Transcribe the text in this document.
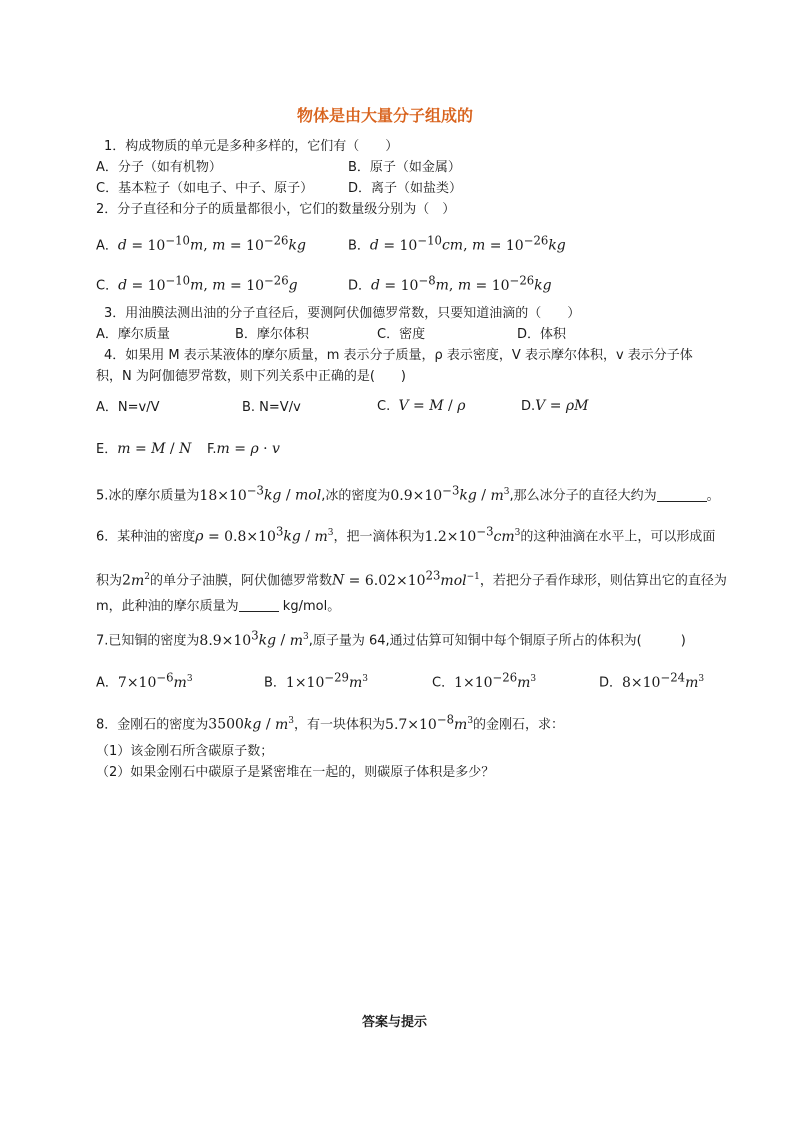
物体是由大量分子组成的
1．构成物质的单元是多种多样的，它们有（　　）
A．分子（如有机物）	B．原子（如金属）
C．基本粒子（如电子、中子、原子）	D．离子（如盐类）
2．分子直径和分子的质量都很小，它们的数量级分别为（　）
A．$d = 10^{-10}m$, $m = 10^{-26}kg$	B．$d = 10^{-10}cm$, $m = 10^{-26}kg$
C．$d = 10^{-10}m$, $m = 10^{-26}g$	D．$d = 10^{-8}m$, $m = 10^{-26}kg$
3．用油膜法测出油的分子直径后，要测阿伏伽德罗常数，只要知道油滴的（　　）
A．摩尔质量	B．摩尔体积	C．密度	D．体积
4．如果用 M 表示某液体的摩尔质量，m 表示分子质量，ρ 表示密度，V 表示摩尔体积，v 表示分子体
积，N 为阿伽德罗常数，则下列关系中正确的是(　　)
A．N=v/V	B. N=V/v	C. V = M / ρ	D.V = ρM
E．m = M / N F.m = ρ · v
5.冰的摩尔质量为$18\times 10^{-3}kg$ / mol,冰的密度为$0.9\times 10^{-3}kg / m^3$,那么冰分子的直径大约为	。
6．某种油的密度$\rho = 0.8\times 10^3kg / m^3$，把一滴体积为$1.2\times 10^{-3}cm^3$的这种油滴在水平上，可以形成面
积为$2m^2$的单分子油膜，阿伏伽德罗常数$N = 6.02\times 10^{23}mol^{-1}$，若把分子看作球形，则估算出它的直径为
m，此种油的摩尔质量为	kg/mol。
7.已知铜的密度为$8.9\times 10^3kg / m^3$,原子量为 64,通过估算可知铜中每个铜原子所占的体积为(　　　)
A．$7\times 10^{-6}m^3$	B．$1\times 10^{-29}m^3$	C．$1\times 10^{-26}m^3$	D．$8\times 10^{-24}m^3$
8．金刚石的密度为$3500kg / m^3$，有一块体积为$5.7\times 10^{-8}m^3$的金刚石，求：
（1）该金刚石所含碳原子数；
（2）如果金刚石中碳原子是紧密堆在一起的，则碳原子体积是多少？
答案与提示
